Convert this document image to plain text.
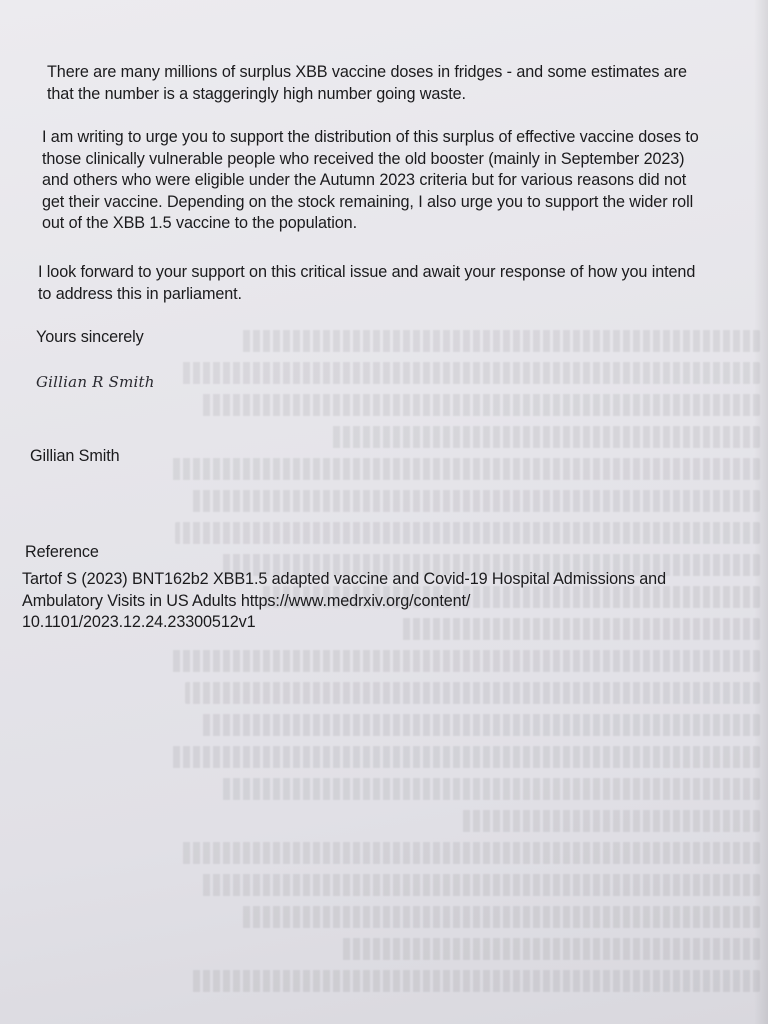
There are many millions of surplus XBB vaccine doses in fridges - and some estimates are
that the number is a staggeringly high number going waste.
I am writing to urge you to support the distribution of this surplus of effective vaccine doses to
those clinically vulnerable people who received the old booster (mainly in September 2023)
and others who were eligible under the Autumn 2023 criteria but for various reasons did not
get their vaccine. Depending on the stock remaining, I also urge you to support the wider roll
out of the XBB 1.5 vaccine to the population.
I look forward to your support on this critical issue and await your response of how you intend
to address this in parliament.
Yours sincerely
Gillian R Smith
Gillian Smith
Reference
Tartof S (2023) BNT162b2 XBB1.5 adapted vaccine and Covid-19 Hospital Admissions and
Ambulatory Visits in US Adults https://www.medrxiv.org/content/
10.1101/2023.12.24.23300512v1
